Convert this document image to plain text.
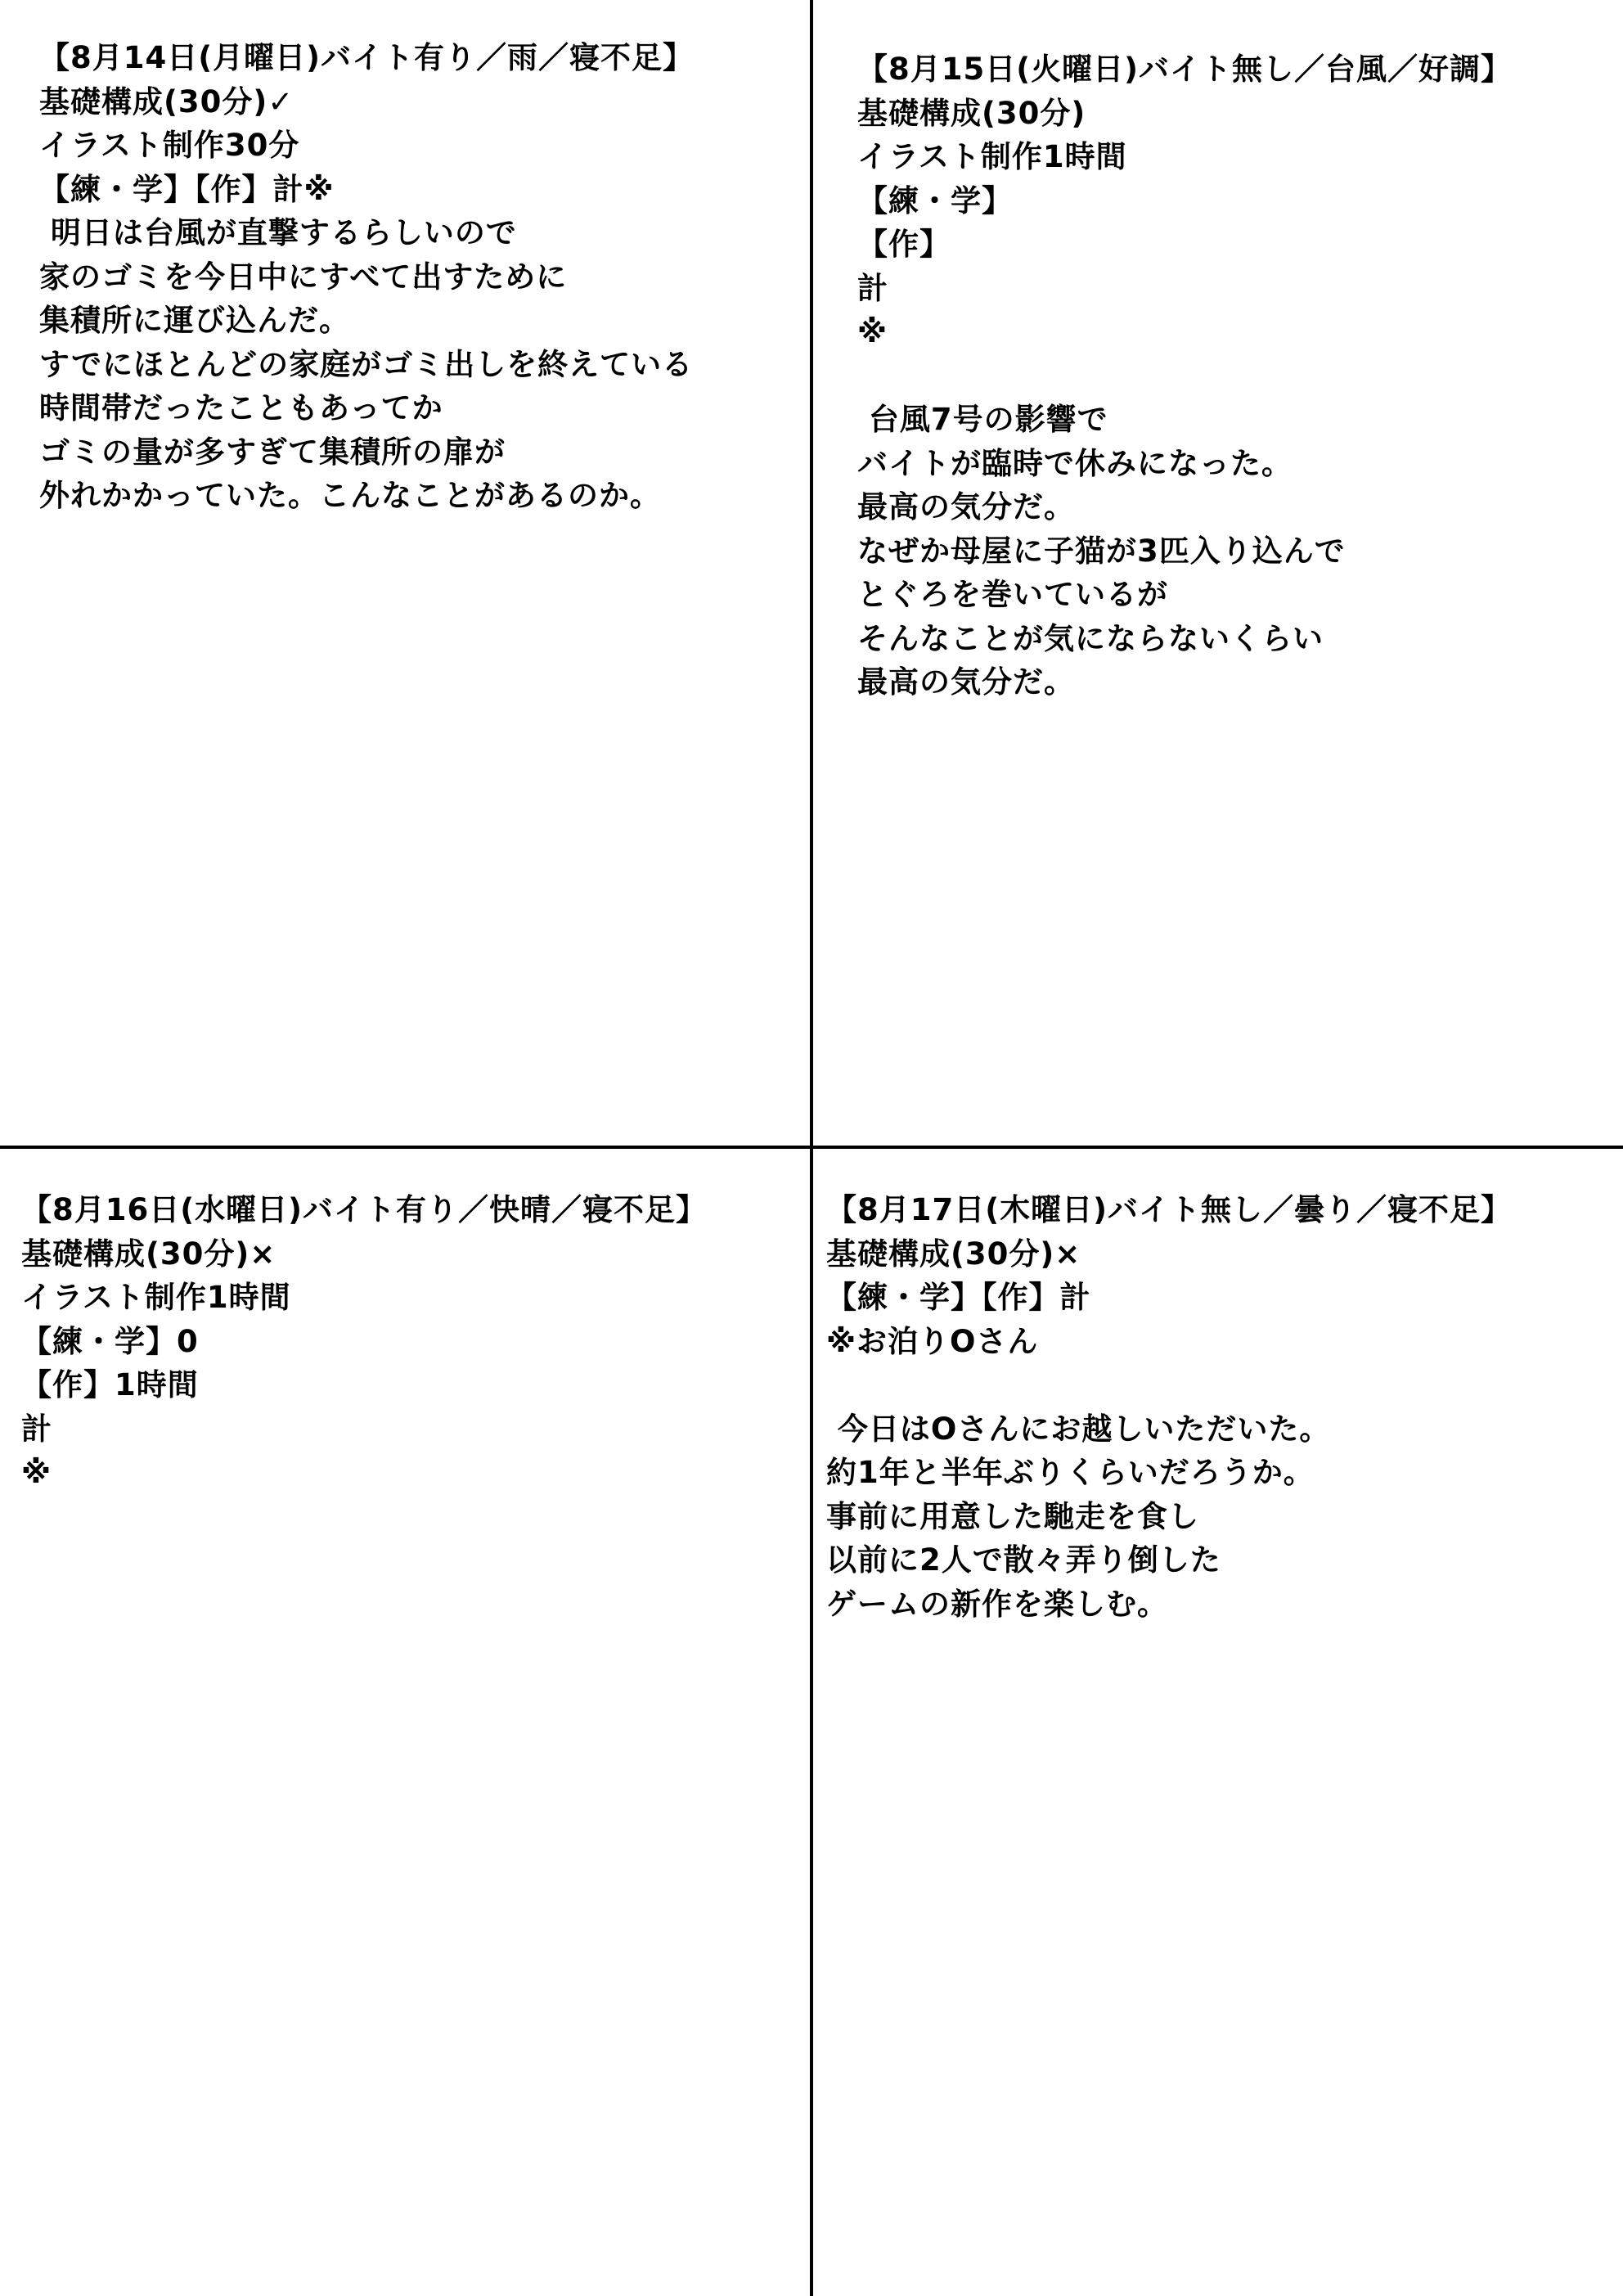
【8月14日(月曜日)バイト有り／雨／寝不足】
基礎構成(30分)✓
イラスト制作30分
【練・学】【作】計※
明日は台風が直撃するらしいので
家のゴミを今日中にすべて出すために
集積所に運び込んだ。
すでにほとんどの家庭がゴミ出しを終えている
時間帯だったこともあってか
ゴミの量が多すぎて集積所の扉が
外れかかっていた。こんなことがあるのか。
【8月15日(火曜日)バイト無し／台風／好調】
基礎構成(30分)
イラスト制作1時間
【練・学】
【作】
計
※
台風7号の影響で
バイトが臨時で休みになった。
最高の気分だ。
なぜか母屋に子猫が3匹入り込んで
とぐろを巻いているが
そんなことが気にならないくらい
最高の気分だ。
【8月16日(水曜日)バイト有り／快晴／寝不足】
基礎構成(30分)×
イラスト制作1時間
【練・学】0
【作】1時間
計
※
【8月17日(木曜日)バイト無し／曇り／寝不足】
基礎構成(30分)×
【練・学】【作】計
※お泊りOさん
今日はOさんにお越しいただいた。
約1年と半年ぶりくらいだろうか。
事前に用意した馳走を食し
以前に2人で散々弄り倒した
ゲームの新作を楽しむ。
